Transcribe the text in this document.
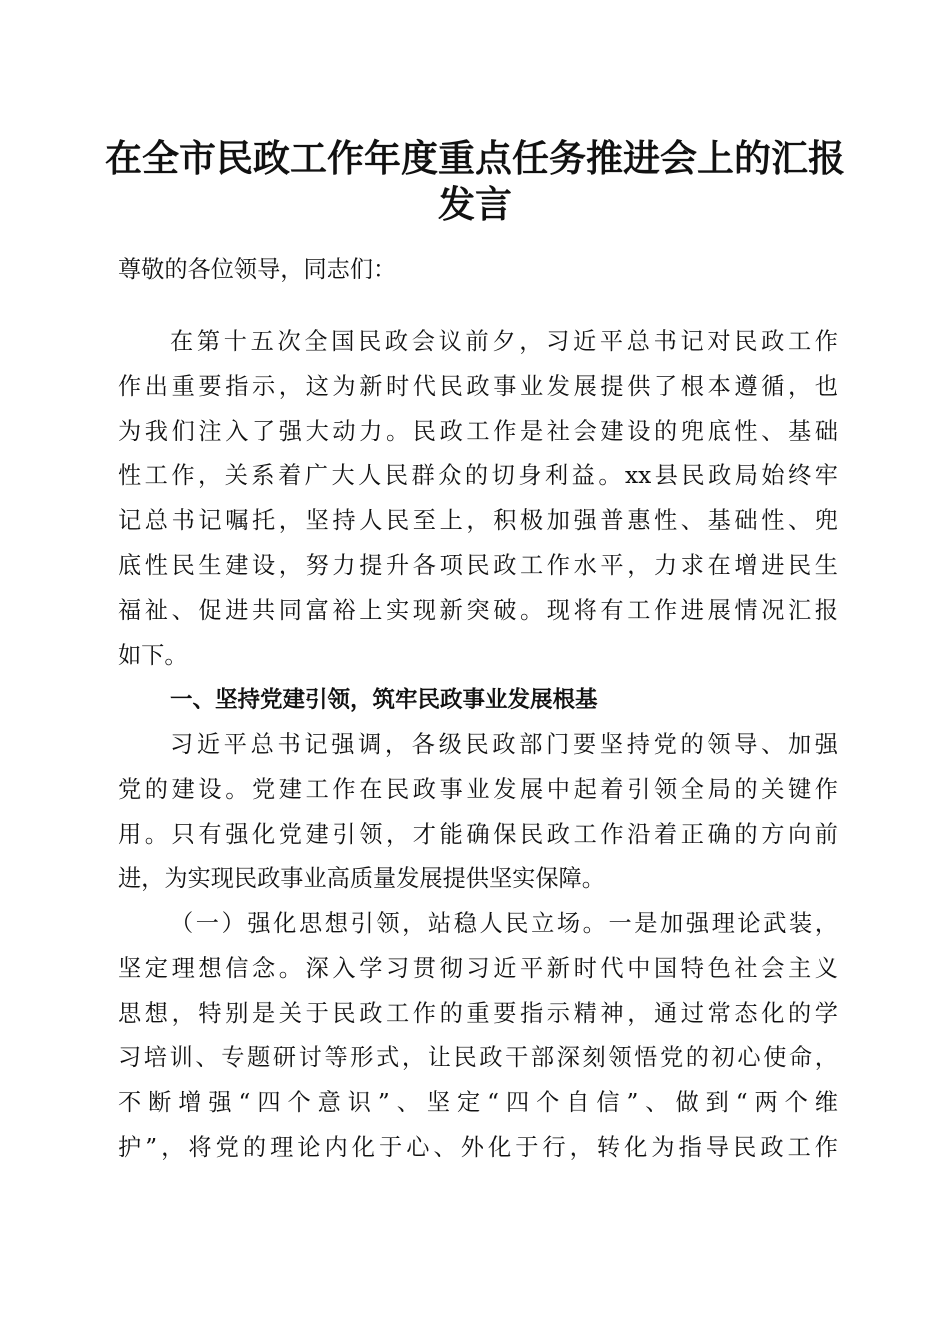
在全市民政工作年度重点任务推进会上的汇报
发言
尊敬的各位领导，同志们：
在第十五次全国民政会议前夕，习近平总书记对民政工作
作出重要指示，这为新时代民政事业发展提供了根本遵循，也
为我们注入了强大动力。民政工作是社会建设的兜底性、基础
性工作，关系着广大人民群众的切身利益。xx县民政局始终牢
记总书记嘱托，坚持人民至上，积极加强普惠性、基础性、兜
底性民生建设，努力提升各项民政工作水平，力求在增进民生
福祉、促进共同富裕上实现新突破。现将有工作进展情况汇报
如下。
一、坚持党建引领，筑牢民政事业发展根基
习近平总书记强调，各级民政部门要坚持党的领导、加强
党的建设。党建工作在民政事业发展中起着引领全局的关键作
用。只有强化党建引领，才能确保民政工作沿着正确的方向前
进，为实现民政事业高质量发展提供坚实保障。
（一）强化思想引领，站稳人民立场。一是加强理论武装，
坚定理想信念。深入学习贯彻习近平新时代中国特色社会主义
思想，特别是关于民政工作的重要指示精神，通过常态化的学
习培训、专题研讨等形式，让民政干部深刻领悟党的初心使命，
不断增强“四个意识”、坚定“四个自信”、做到“两个维
护”，将党的理论内化于心、外化于行，转化为指导民政工作
